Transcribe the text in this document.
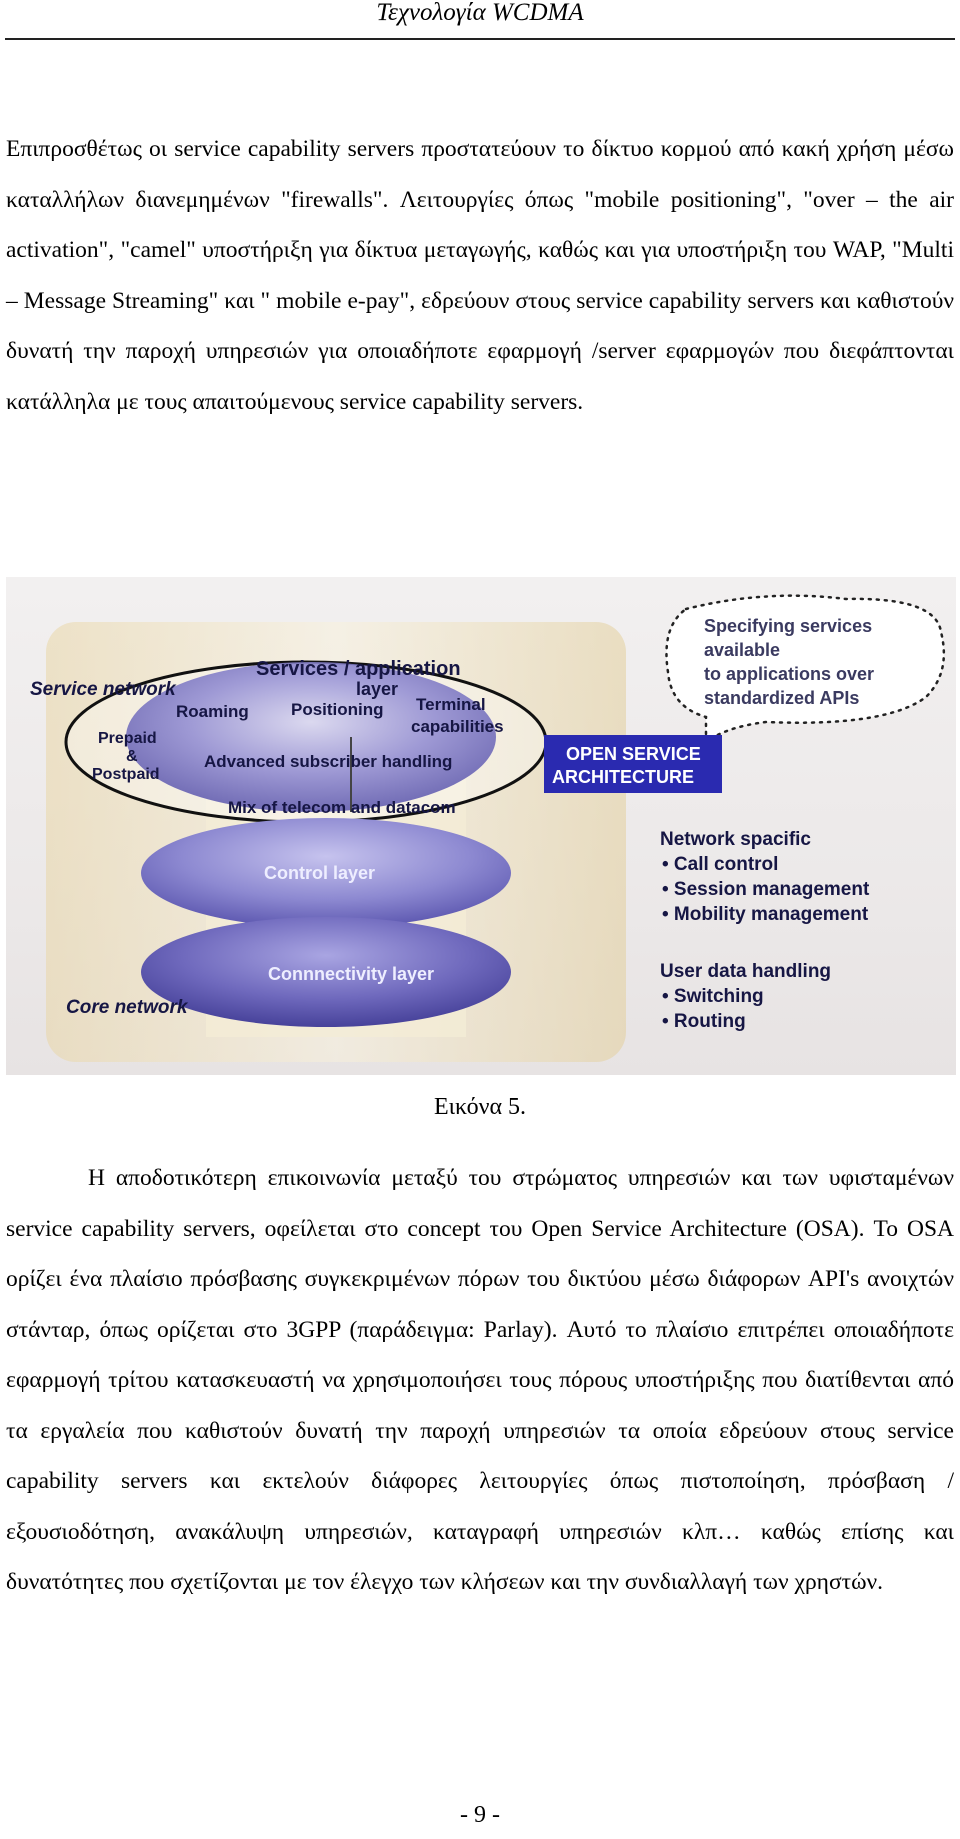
Τεχνολογία WCDMA

Επιπροσθέτως οι service capability servers προστατεύουν το δίκτυο κορμού από κακή χρήση μέσω καταλλήλων διανεμημένων "firewalls". Λειτουργίες όπως "mobile positioning", "over – the air activation", "camel" υποστήριξη για δίκτυα μεταγωγής, καθώς και για υποστήριξη του WAP, "Multi – Message Streaming" και " mobile e-pay", εδρεύουν στους service capability servers και καθιστούν δυνατή την παροχή υπηρεσιών για οποιαδήποτε εφαρμογή /server εφαρμογών που διεφάπτονται κατάλληλα με τους απαιτούμενους service capability servers.

Service network
Services / application
layer
Roaming Positioning Terminal
capabilities
Prepaid
&
Postpaid
Advanced subscriber handling
Mix of telecom and datacom
OPEN SERVICE
ARCHITECTURE
Specifying services
available
to applications over
standardized APIs
Control layer
Connnectivity layer
Core network
Network spacific
• Call control
• Session management
• Mobility management
User data handling
• Switching
• Routing
Εικόνα 5.

Η αποδοτικότερη επικοινωνία μεταξύ του στρώματος υπηρεσιών και των υφισταμένων service capability servers, οφείλεται στο concept του Open Service Architecture (OSA). Το OSA ορίζει ένα πλαίσιο πρόσβασης συγκεκριμένων πόρων του δικτύου μέσω διάφορων API's ανοιχτών στάνταρ, όπως ορίζεται στο 3GPP (παράδειγμα: Parlay). Αυτό το πλαίσιο επιτρέπει οποιαδήποτε εφαρμογή τρίτου κατασκευαστή να χρησιμοποιήσει τους πόρους υποστήριξης που διατίθενται από τα εργαλεία που καθιστούν δυνατή την παροχή υπηρεσιών τα οποία εδρεύουν στους service capability servers και εκτελούν διάφορες λειτουργίες όπως πιστοποίηση, πρόσβαση / εξουσιοδότηση, ανακάλυψη υπηρεσιών, καταγραφή υπηρεσιών κλπ… καθώς επίσης και δυνατότητες που σχετίζονται με τον έλεγχο των κλήσεων και την συνδιαλλαγή των χρηστών.

- 9 -
